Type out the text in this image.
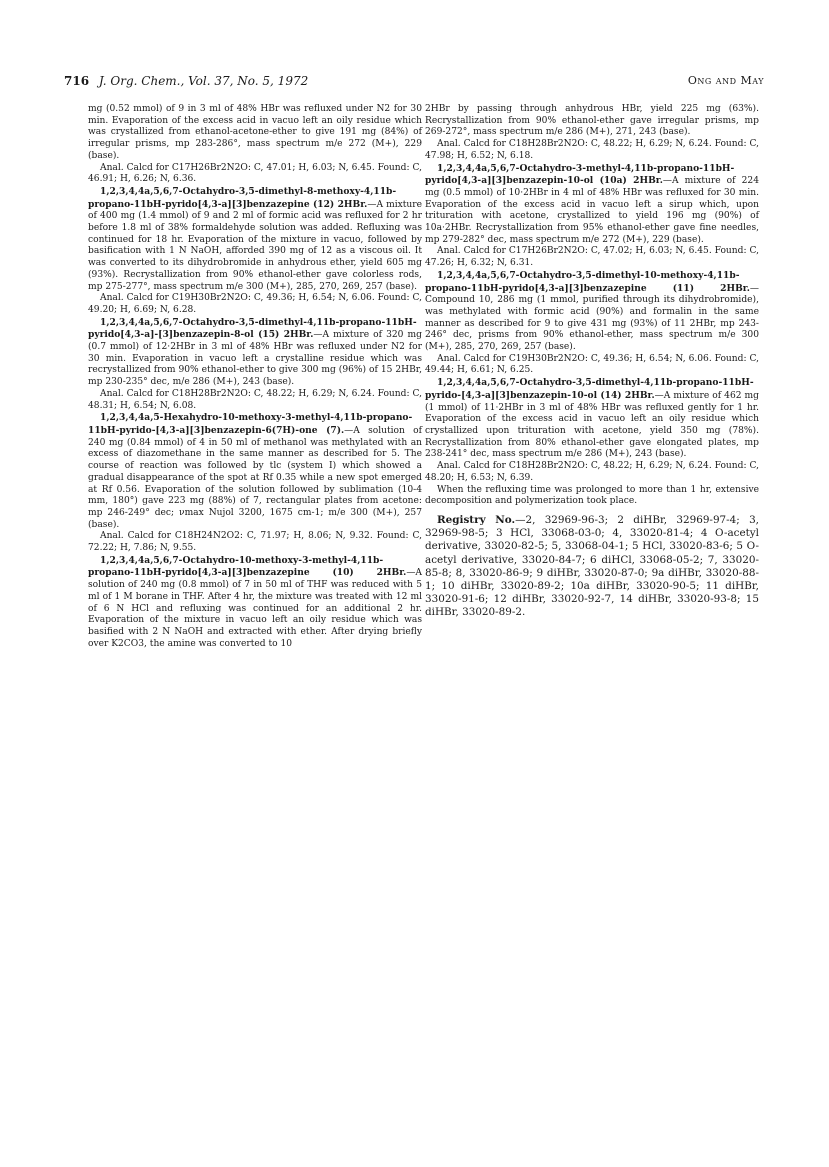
716 J. Org. Chem., Vol. 37, No. 5, 1972	Ong and May

mg (0.52 mmol) of 9 in 3 ml of 48% HBr was refluxed under N2 for 30 min. Evaporation of the excess acid in vacuo left an oily residue which was crystallized from ethanol-acetone-ether to give 191 mg (84%) of irregular prisms, mp 283-286°, mass spectrum m/e 272 (M+), 229 (base).

Anal. Calcd for C17H26Br2N2O: C, 47.01; H, 6.03; N, 6.45. Found: C, 46.91; H, 6.26; N, 6.36.

1,2,3,4,4a,5,6,7-Octahydro-3,5-dimethyl-8-methoxy-4,11b-propano-11bH-pyrido[4,3-a][3]benzazepine (12) 2HBr.—A mixture of 400 mg (1.4 mmol) of 9 and 2 ml of formic acid was refluxed for 2 hr before 1.8 ml of 38% formaldehyde solution was added. Refluxing was continued for 18 hr. Evaporation of the mixture in vacuo, followed by basification with 1 N NaOH, afforded 390 mg of 12 as a viscous oil. It was converted to its dihydrobromide in anhydrous ether, yield 605 mg (93%). Recrystallization from 90% ethanol-ether gave colorless rods, mp 275-277°, mass spectrum m/e 300 (M+), 285, 270, 269, 257 (base).

Anal. Calcd for C19H30Br2N2O: C, 49.36; H, 6.54; N, 6.06. Found: C, 49.20; H, 6.69; N, 6.28.

1,2,3,4,4a,5,6,7-Octahydro-3,5-dimethyl-4,11b-propano-11bH-pyrido[4,3-a]-[3]benzazepin-8-ol (15) 2HBr.—A mixture of 320 mg (0.7 mmol) of 12·2HBr in 3 ml of 48% HBr was refluxed under N2 for 30 min. Evaporation in vacuo left a crystalline residue which was recrystallized from 90% ethanol-ether to give 300 mg (96%) of 15 2HBr, mp 230-235° dec, m/e 286 (M+), 243 (base).

Anal. Calcd for C18H28Br2N2O: C, 48.22; H, 6.29; N, 6.24. Found: C, 48.31; H, 6.54; N, 6.08.

1,2,3,4,4a,5-Hexahydro-10-methoxy-3-methyl-4,11b-propano-11bH-pyrido-[4,3-a][3]benzazepin-6(7H)-one (7).—A solution of 240 mg (0.84 mmol) of 4 in 50 ml of methanol was methylated with an excess of diazomethane in the same manner as described for 5. The course of reaction was followed by tlc (system I) which showed a gradual disappearance of the spot at Rf 0.35 while a new spot emerged at Rf 0.56. Evaporation of the solution followed by sublimation (10-4 mm, 180°) gave 223 mg (88%) of 7, rectangular plates from acetone: mp 246-249° dec; νmax Nujol 3200, 1675 cm-1; m/e 300 (M+), 257 (base).

Anal. Calcd for C18H24N2O2: C, 71.97; H, 8.06; N, 9.32. Found: C, 72.22; H, 7.86; N, 9.55.

1,2,3,4,4a,5,6,7-Octahydro-10-methoxy-3-methyl-4,11b-propano-11bH-pyrido[4,3-a][3]benzazepine (10) 2HBr.—A solution of 240 mg (0.8 mmol) of 7 in 50 ml of THF was reduced with 5 ml of 1 M borane in THF. After 4 hr, the mixture was treated with 12 ml of 6 N HCl and refluxing was continued for an additional 2 hr. Evaporation of the mixture in vacuo left an oily residue which was basified with 2 N NaOH and extracted with ether. After drying briefly over K2CO3, the amine was converted to 10

2HBr by passing through anhydrous HBr, yield 225 mg (63%). Recrystallization from 90% ethanol-ether gave irregular prisms, mp 269-272°, mass spectrum m/e 286 (M+), 271, 243 (base).

Anal. Calcd for C18H28Br2N2O: C, 48.22; H, 6.29; N, 6.24. Found: C, 47.98; H, 6.52; N, 6.18.

1,2,3,4,4a,5,6,7-Octahydro-3-methyl-4,11b-propano-11bH-pyrido[4,3-a][3]benzazepin-10-ol (10a) 2HBr.—A mixture of 224 mg (0.5 mmol) of 10·2HBr in 4 ml of 48% HBr was refluxed for 30 min. Evaporation of the excess acid in vacuo left a sirup which, upon trituration with acetone, crystallized to yield 196 mg (90%) of 10a·2HBr. Recrystallization from 95% ethanol-ether gave fine needles, mp 279-282° dec, mass spectrum m/e 272 (M+), 229 (base).

Anal. Calcd for C17H26Br2N2O: C, 47.02; H, 6.03; N, 6.45. Found: C, 47.26; H, 6.32; N, 6.31.

1,2,3,4,4a,5,6,7-Octahydro-3,5-dimethyl-10-methoxy-4,11b-propano-11bH-pyrido[4,3-a][3]benzazepine (11) 2HBr.—Compound 10, 286 mg (1 mmol, purified through its dihydrobromide), was methylated with formic acid (90%) and formalin in the same manner as described for 9 to give 431 mg (93%) of 11 2HBr, mp 243-246° dec, prisms from 90% ethanol-ether, mass spectrum m/e 300 (M+), 285, 270, 269, 257 (base).

Anal. Calcd for C19H30Br2N2O: C, 49.36; H, 6.54; N, 6.06. Found: C, 49.44; H, 6.61; N, 6.25.

1,2,3,4,4a,5,6,7-Octahydro-3,5-dimethyl-4,11b-propano-11bH-pyrido-[4,3-a][3]benzazepin-10-ol (14) 2HBr.—A mixture of 462 mg (1 mmol) of 11·2HBr in 3 ml of 48% HBr was refluxed gently for 1 hr. Evaporation of the excess acid in vacuo left an oily residue which crystallized upon trituration with acetone, yield 350 mg (78%). Recrystallization from 80% ethanol-ether gave elongated plates, mp 238-241° dec, mass spectrum m/e 286 (M+), 243 (base).

Anal. Calcd for C18H28Br2N2O: C, 48.22; H, 6.29; N, 6.24. Found: C, 48.20; H, 6.53; N, 6.39.

When the refluxing time was prolonged to more than 1 hr, extensive decomposition and polymerization took place.

Registry No.—2, 32969-96-3; 2 diHBr, 32969-97-4; 3, 32969-98-5; 3 HCl, 33068-03-0; 4, 33020-81-4; 4 O-acetyl derivative, 33020-82-5; 5, 33068-04-1; 5 HCl, 33020-83-6; 5 O-acetyl derivative, 33020-84-7; 6 diHCl, 33068-05-2; 7, 33020-85-8; 8, 33020-86-9; 9 diHBr, 33020-87-0; 9a diHBr, 33020-88-1; 10 diHBr, 33020-89-2; 10a diHBr, 33020-90-5; 11 diHBr, 33020-91-6; 12 diHBr, 33020-92-7, 14 diHBr, 33020-93-8; 15 diHBr, 33020-89-2.
